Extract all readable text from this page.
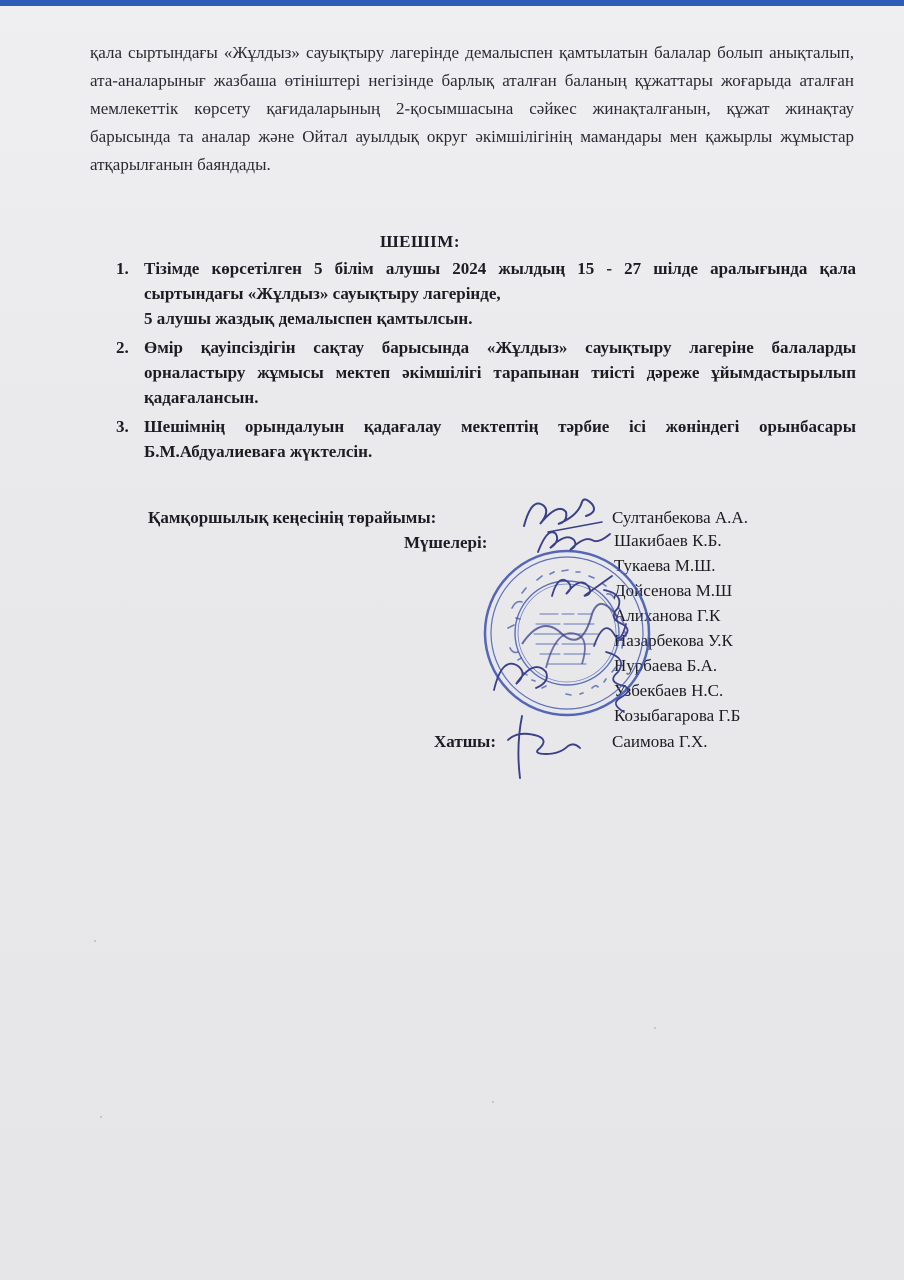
қала сыртындағы «Жұлдыз» сауықтыру лагерінде демалыспен қамтылатын балалар болып анықталып, ата-аналарынығ жазбаша өтініштері негізінде барлық аталған баланың құжаттары жоғарыда аталған мемлекеттік көрсету қағидаларының 2-қосымшасына сәйкес жинақталғанын, құжат жинақтау барысында та аналар және Ойтал ауылдық округ әкімшілігінің мамандары мен қажырлы жұмыстар атқарылғанын баяндады.

ШЕШІМ:

1. Тізімде көрсетілген 5 білім алушы 2024 жылдың 15 - 27 шілде аралығында қала сыртындағы «Жұлдыз» сауықтыру лагерінде,
5 алушы жаздық демалыспен қамтылсын.
2. Өмір қауіпсіздігін сақтау барысында «Жұлдыз» сауықтыру лагеріне балаларды орналастыру жұмысы мектеп әкімшілігі тарапынан тиісті дәреже ұйымдастырылып қадағалансын.
3. Шешімнің орындалуын қадағалау мектептің тәрбие ісі жөніндегі орынбасары Б.М.Абдуалиеваға жүктелсін.
Қамқоршылық кеңесінің төрайымы:	Султанбекова А.А.
Мүшелері:	Шакибаев К.Б.
Тукаева М.Ш.
Дойсенова М.Ш
Алиханова Г.К
Назарбекова У.К
Нурбаева Б.А.
Узбекбаев Н.С.
Козыбагарова Г.Б
Хатшы:	Саимова Г.Х.
